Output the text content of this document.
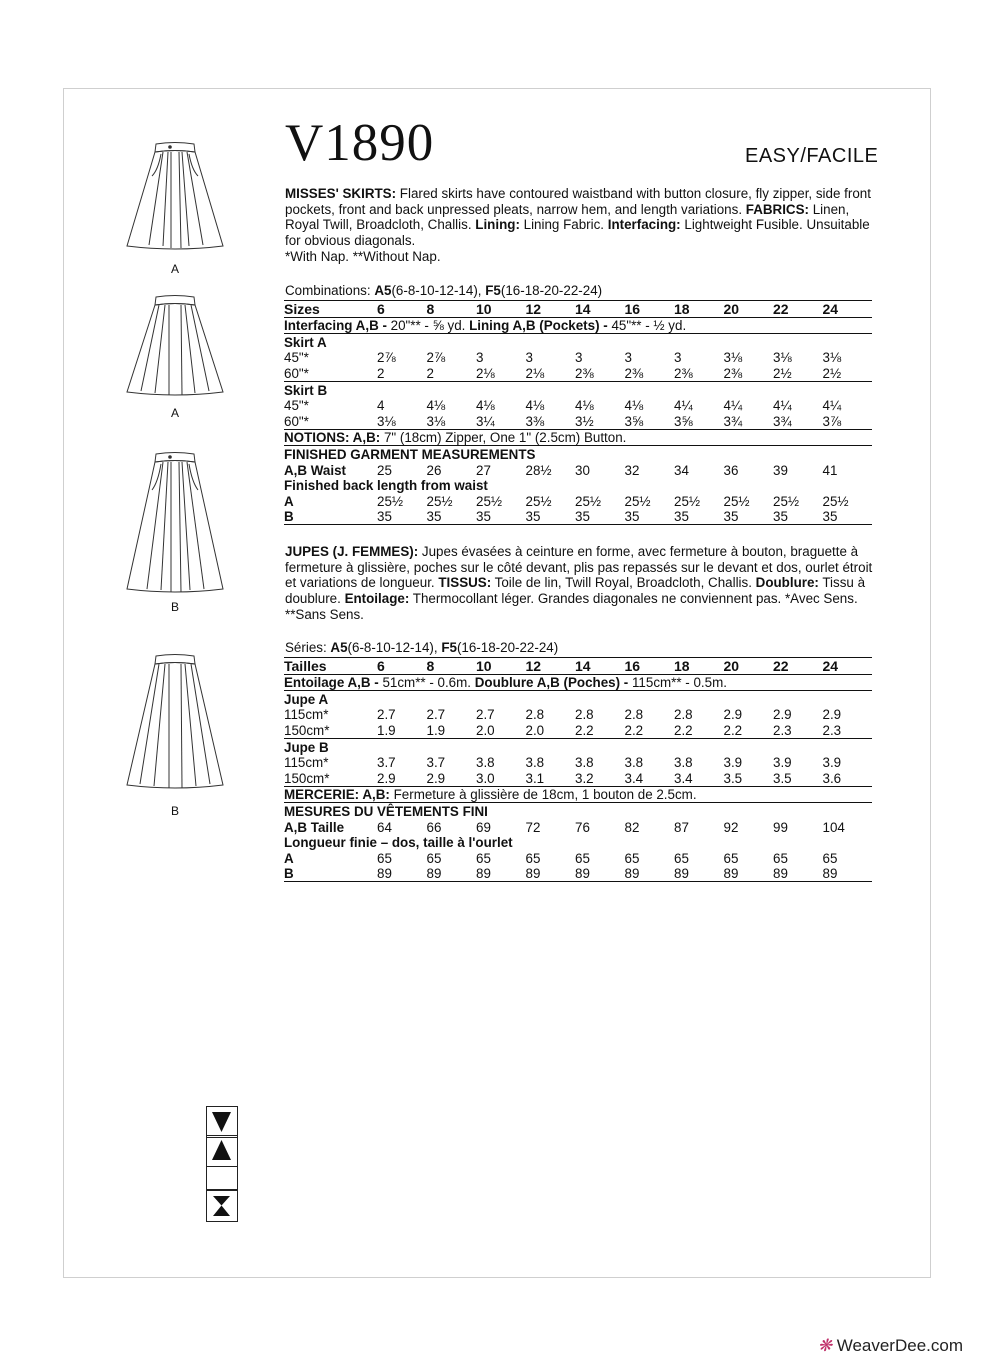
V1890	EASY/FACILE
MISSES' SKIRTS: Flared skirts have contoured waistband with button closure, fly zipper, side front pockets, front and back unpressed pleats, narrow hem, and length variations. FABRICS: Linen, Royal Twill, Broadcloth, Challis. Lining: Lining Fabric. Interfacing: Lightweight Fusible. Unsuitable for obvious diagonals.
*With Nap. **Without Nap.
Combinations: A5(6-8-10-12-14), F5(16-18-20-22-24)
Sizes	6	8	10	12	14	16	18	20	22	24
Interfacing A,B - 20"** - ⅝ yd. Lining A,B (Pockets) - 45"** - ½ yd.										
Skirt A										
45"*	2⅞	2⅞	3	3	3	3	3	3⅛	3⅛	3⅛
60"*	2	2	2⅛	2⅛	2⅜	2⅜	2⅜	2⅜	2½	2½
Skirt B										
45"*	4	4⅛	4⅛	4⅛	4⅛	4⅛	4¼	4¼	4¼	4¼
60"*	3⅛	3⅛	3¼	3⅜	3½	3⅝	3⅝	3¾	3¾	3⅞
NOTIONS: A,B: 7" (18cm) Zipper, One 1" (2.5cm) Button.										
FINISHED GARMENT MEASUREMENTS										
A,B Waist	25	26	27	28½	30	32	34	36	39	41
Finished back length from waist										
A	25½	25½	25½	25½	25½	25½	25½	25½	25½	25½
B	35	35	35	35	35	35	35	35	35	35
JUPES (J. FEMMES): Jupes évasées à ceinture en forme, avec fermeture à bouton, braguette à fermeture à glissière, poches sur le côté devant, plis pas repassés sur le devant et dos, ourlet étroit et variations de longueur. TISSUS: Toile de lin, Twill Royal, Broadcloth, Challis. Doublure: Tissu à doublure. Entoilage: Thermocollant léger. Grandes diagonales ne conviennent pas. *Avec Sens. **Sans Sens.
Séries: A5(6-8-10-12-14), F5(16-18-20-22-24)
Tailles	6	8	10	12	14	16	18	20	22	24
Entoilage A,B - 51cm** - 0.6m. Doublure A,B (Poches) - 115cm** - 0.5m.										
Jupe A										
115cm*	2.7	2.7	2.7	2.8	2.8	2.8	2.8	2.9	2.9	2.9
150cm*	1.9	1.9	2.0	2.0	2.2	2.2	2.2	2.2	2.3	2.3
Jupe B										
115cm*	3.7	3.7	3.8	3.8	3.8	3.8	3.8	3.9	3.9	3.9
150cm*	2.9	2.9	3.0	3.1	3.2	3.4	3.4	3.5	3.5	3.6
MERCERIE: A,B: Fermeture à glissière de 18cm, 1 bouton de 2.5cm.										
MESURES DU VÊTEMENTS FINI										
A,B Taille	64	66	69	72	76	82	87	92	99	104
Longueur finie – dos, taille à l'ourlet										
A	65	65	65	65	65	65	65	65	65	65
B	89	89	89	89	89	89	89	89	89	89
A
A
B
B
❋ WeaverDee.com
